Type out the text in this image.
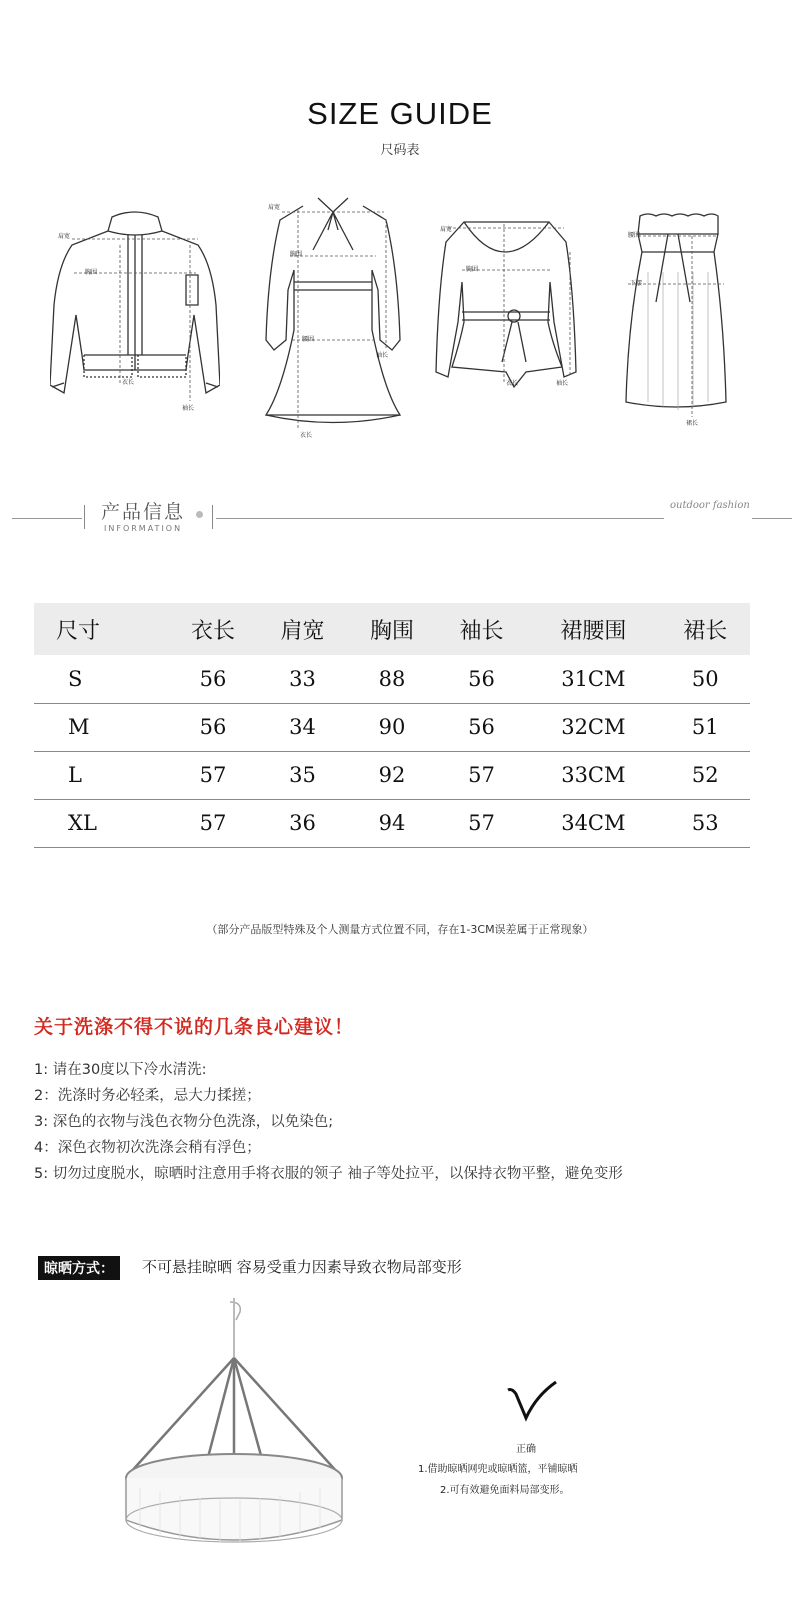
SIZE GUIDE
尺码表
肩宽
胸围
衣长
袖长
肩宽
胸围
腰围
衣长
袖长
肩宽
胸围
衣长	袖长
腰围
下摆
裙长
产品信息
INFORMATION
outdoor fashion
尺寸	衣长	肩宽	胸围	袖长	裙腰围	裙长
S	56	33	88	56	31CM	50
M	56	34	90	56	32CM	51
L	57	35	92	57	33CM	52
XL	57	36	94	57	34CM	53
（部分产品版型特殊及个人测量方式位置不同，存在1-3CM误差属于正常现象）
关于洗涤不得不说的几条良心建议！
1: 请在30度以下冷水清洗:
2：洗涤时务必轻柔，忌大力揉搓；
3: 深色的衣物与浅色衣物分色洗涤，以免染色;
4：深色衣物初次洗涤会稍有浮色；
5: 切勿过度脱水，晾晒时注意用手将衣服的领子 袖子等处拉平，以保持衣物平整，避免变形
晾晒方式：	不可悬挂晾晒 容易受重力因素导致衣物局部变形
正确
1.借助晾晒网兜或晾晒篮，平铺晾晒
2.可有效避免面料局部变形。
